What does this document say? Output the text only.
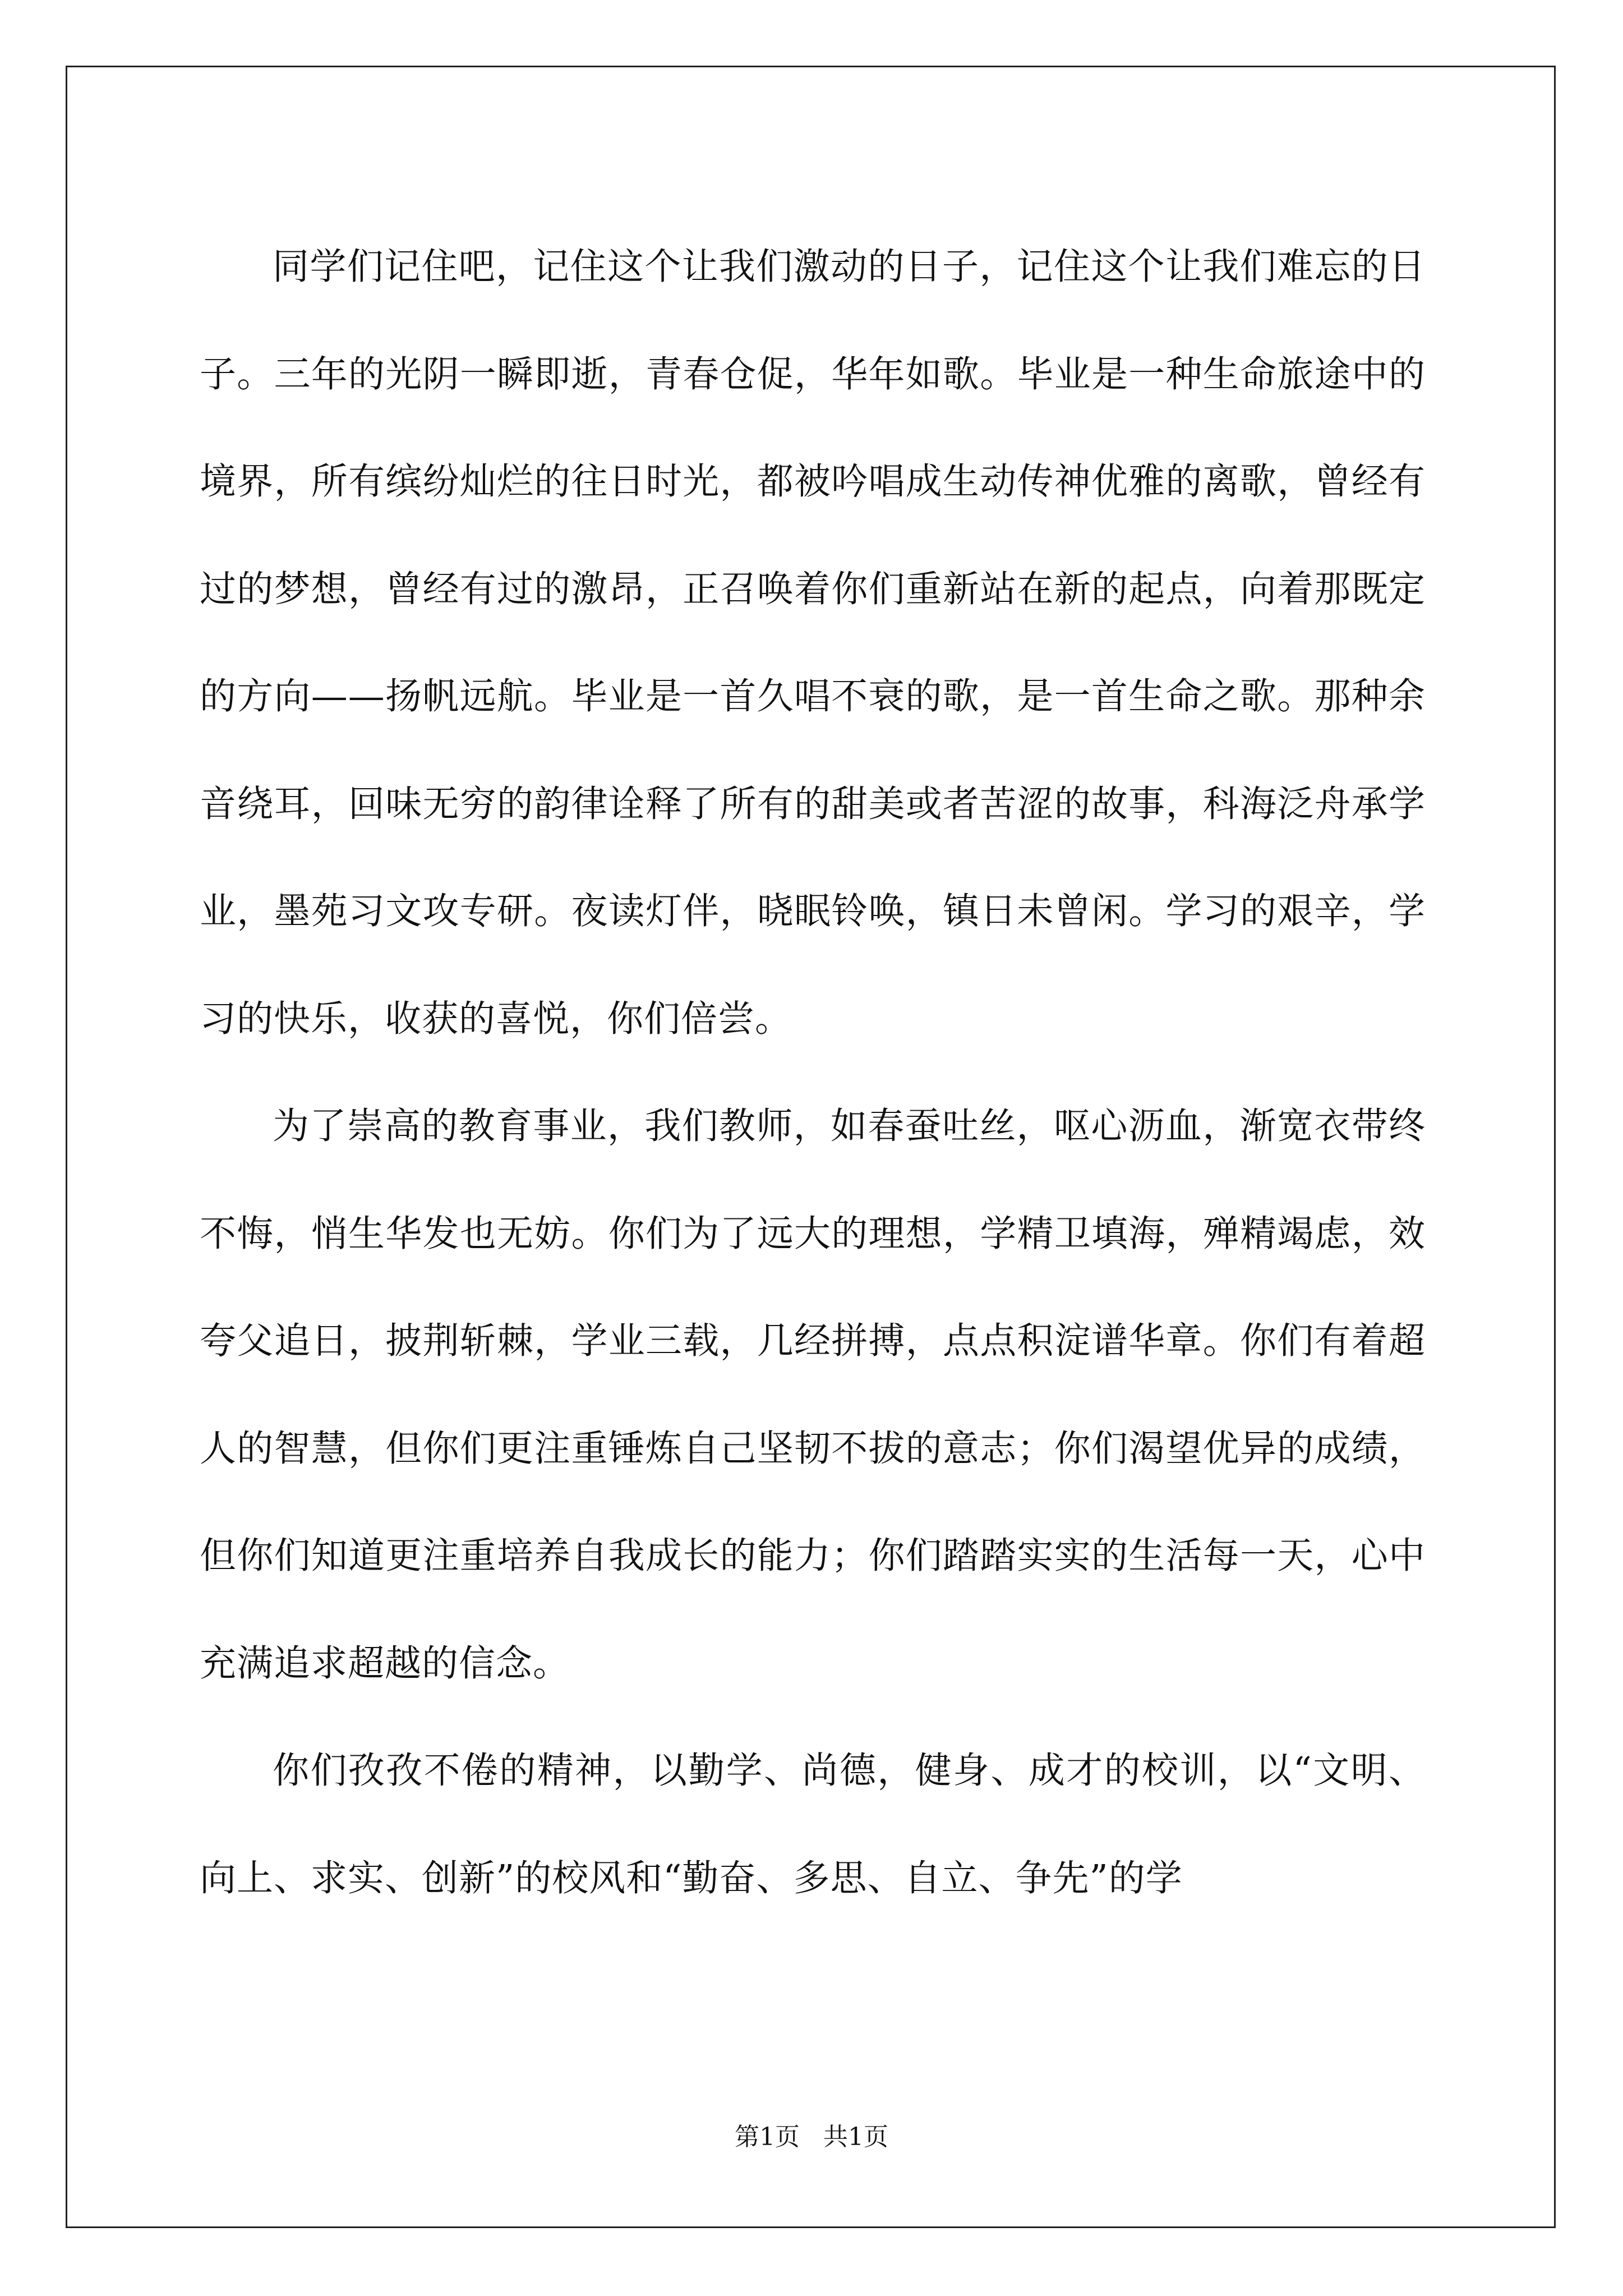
同学们记住吧，记住这个让我们激动的日子，记住这个让我们难忘的日子。三年的光阴一瞬即逝，青春仓促，华年如歌。毕业是一种生命旅途中的境界，所有缤纷灿烂的往日时光，都被吟唱成生动传神优雅的离歌，曾经有过的梦想，曾经有过的激昂，正召唤着你们重新站在新的起点，向着那既定的方向——扬帆远航。毕业是一首久唱不衰的歌，是一首生命之歌。那种余音绕耳，回味无穷的韵律诠释了所有的甜美或者苦涩的故事，科海泛舟承学业，墨苑习文攻专研。夜读灯伴，晓眠铃唤，镇日未曾闲。学习的艰辛，学习的快乐，收获的喜悦，你们倍尝。

为了崇高的教育事业，我们教师，如春蚕吐丝，呕心沥血，渐宽衣带终不悔，悄生华发也无妨。你们为了远大的理想，学精卫填海，殚精竭虑，效夸父追日，披荆斩棘，学业三载，几经拼搏，点点积淀谱华章。你们有着超人的智慧，但你们更注重锤炼自己坚韧不拔的意志；你们渴望优异的成绩，但你们知道更注重培养自我成长的能力；你们踏踏实实的生活每一天，心中充满追求超越的信念。

你们孜孜不倦的精神，以勤学、尚德，健身、成才的校训，以“文明、向上、求实、创新”的校风和“勤奋、多思、自立、争先”的学

第1页 共1页
